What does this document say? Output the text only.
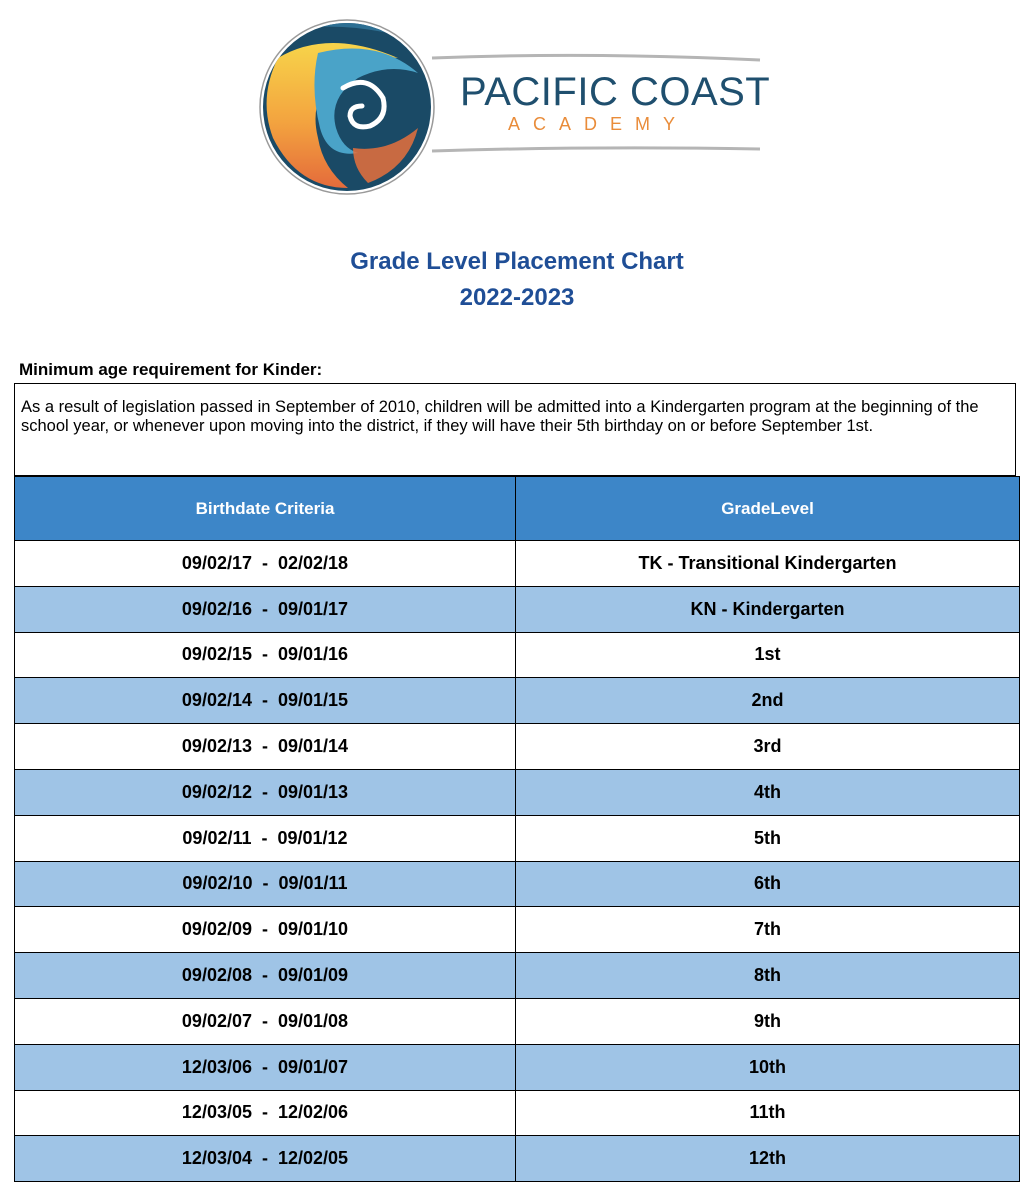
PACIFIC COAST
ACADEMY
Grade Level Placement Chart
2022-2023
Minimum age requirement for Kinder:
As a result of legislation passed in September of 2010, children will be admitted into a Kindergarten program at the beginning of the school year, or whenever upon moving into the district, if they will have their 5th birthday on or before September 1st.
Birthdate Criteria	GradeLevel
09/02/17  -  02/02/18	TK - Transitional Kindergarten
09/02/16  -  09/01/17	KN - Kindergarten
09/02/15  -  09/01/16	1st
09/02/14  -  09/01/15	2nd
09/02/13  -  09/01/14	3rd
09/02/12  -  09/01/13	4th
09/02/11  -  09/01/12	5th
09/02/10  -  09/01/11	6th
09/02/09  -  09/01/10	7th
09/02/08  -  09/01/09	8th
09/02/07  -  09/01/08	9th
12/03/06  -  09/01/07	10th
12/03/05  -  12/02/06	11th
12/03/04  -  12/02/05	12th
